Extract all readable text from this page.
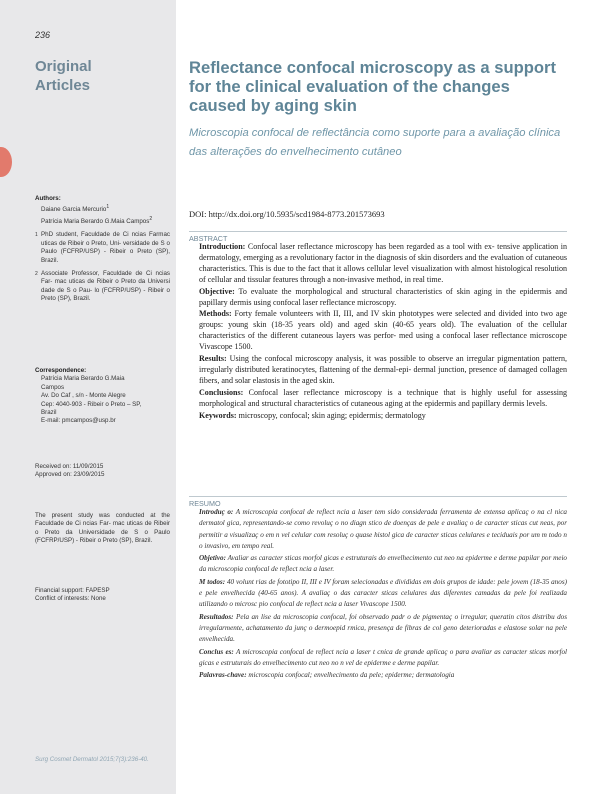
236
Original
Articles
Authors:
Daiane Garcia Mercurio$^1$
Patrícia Maria Berardo G.Maia Campos$^2$
1 PhD student, Faculdade de Ci ncias Farmac uticas de Ribeir o Preto, Uni- versidade de S o Paulo (FCFRP/USP) - Ribeir o Preto (SP), Brazil.
2 Associate Professor, Faculdade de Ci ncias Far- mac uticas de Ribeir o Preto da Universi dade de S o Pau- lo (FCFRP/USP) - Ribeir o Preto (SP), Brazil.
Correspondence:
Patrícia Maria Berardo G.Maia
Campos
Av. Do Caf , s/n - Monte Alegre
Cep: 4040-903 - Ribeir o Preto – SP,
Brazil
E-mail: pmcampos@usp.br
Received on: 11/09/2015
Approved on: 23/09/2015
The present study was conducted at the Faculdade de Ci ncias Far- mac uticas de Ribeir o Preto da Universidade de S o Paulo (FCFRP/USP) - Ribeir o Preto (SP), Brazil.
Financial support: FAPESP
Conflict of interests: None
Surg Cosmet Dermatol 2015;7(3):236-40.
Reflectance confocal microscopy as a support for the clinical evaluation of the changes caused by aging skin
Microscopia confocal de reflectância como suporte para a avaliação clínica das alterações do envelhecimento cutâneo
DOI: http://dx.doi.org/10.5935/scd1984-8773.201573693
ABSTRACT

Introduction: Confocal laser reflectance microscopy has been regarded as a tool with ex- tensive application in dermatology, emerging as a revolutionary factor in the diagnosis of skin disorders and the evaluation of cutaneous characteristics. This is due to the fact that it allows cellular level visualization with almost histological resolution of cellular and tissular features through a non-invasive method, in real time.

Objective: To evaluate the morphological and structural characteristics of skin aging in the epidermis and papillary dermis using confocal laser reflectance microscopy.

Methods: Forty female volunteers with II, III, and IV skin phototypes were selected and divided into two age groups: young skin (18-35 years old) and aged skin (40-65 years old). The evaluation of the cellular characteristics of the different cutaneous layers was perfor- med using a confocal laser reflectance microscope Vivascope 1500.

Results: Using the confocal microscopy analysis, it was possible to observe an irregular pigmentation pattern, irregularly distributed keratinocytes, flattening of the dermal-epi- dermal junction, presence of damaged collagen fibers, and solar elastosis in the aged skin.

Conclusions: Confocal laser reflectance microscopy is a technique that is highly useful for assessing morphological and structural characteristics of cutaneous aging at the epidermis and papillary dermis levels.

Keywords: microscopy, confocal; skin aging; epidermis; dermatology

RESUMO

Introduç o: A microscopia confocal de reflect ncia a laser tem sido considerada ferramenta de extensa aplicaç o na cl nica dermatol gica, representando-se como revoluç o no diagn stico de doenças de pele e avaliaç o de caracter sticas cut neas, por permitir a visualizaç o em n vel celular com resoluç o quase histol gica de caracter sticas celulares e teciduais por um m todo n o invasivo, em tempo real.

Objetivo: Avaliar as caracter sticas morfol gicas e estruturais do envelhecimento cut neo na epiderme e derme papilar por meio da microscopia confocal de reflect ncia a laser.

M todos: 40 volunt rias de fototipo II, III e IV foram selecionadas e divididas em dois grupos de idade: pele jovem (18-35 anos) e pele envelhecida (40-65 anos). A avaliaç o das caracter sticas celulares das diferentes camadas da pele foi realizada utilizando o microsc pio confocal de reflect ncia a laser Vivascope 1500.

Resultados: Pela an lise da microscopia confocal, foi observado padr o de pigmentaç o irregular, queratin citos distribu dos irregularmente, achatamento da junç o dermoepid rmica, presença de fibras de col geno deterioradas e elastose solar na pele envelhecida.

Conclus es: A microscopia confocal de reflect ncia a laser t cnica de grande aplicaç o para avaliar as caracter sticas morfol gicas e estruturais do envelhecimento cut neo no n vel de epiderme e derme papilar.

Palavras-chave: microscopia confocal; envelhecimento da pele; epiderme; dermatologia
